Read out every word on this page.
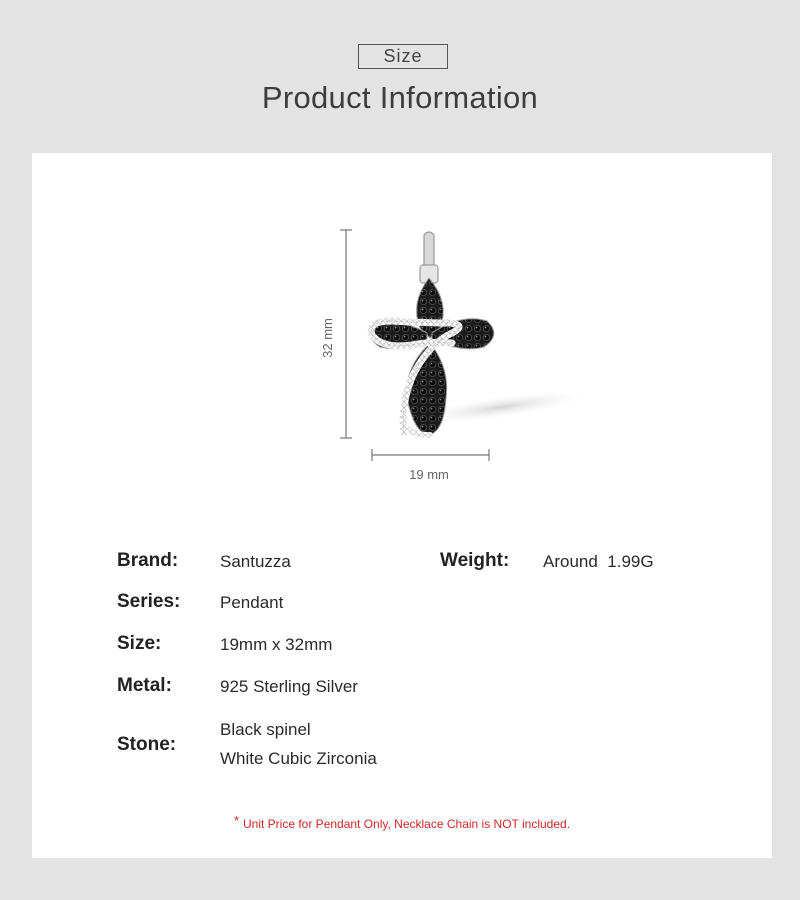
Size
Product Information
32 mm
19 mm
Brand: Santuzza	Weight: Around  1.99G
Series: Pendant
Size:	19mm x 32mm
Metal:	925 Sterling Silver
Stone:
Black spinel
White Cubic Zirconia
* Unit Price for Pendant Only, Necklace Chain is NOT included.
